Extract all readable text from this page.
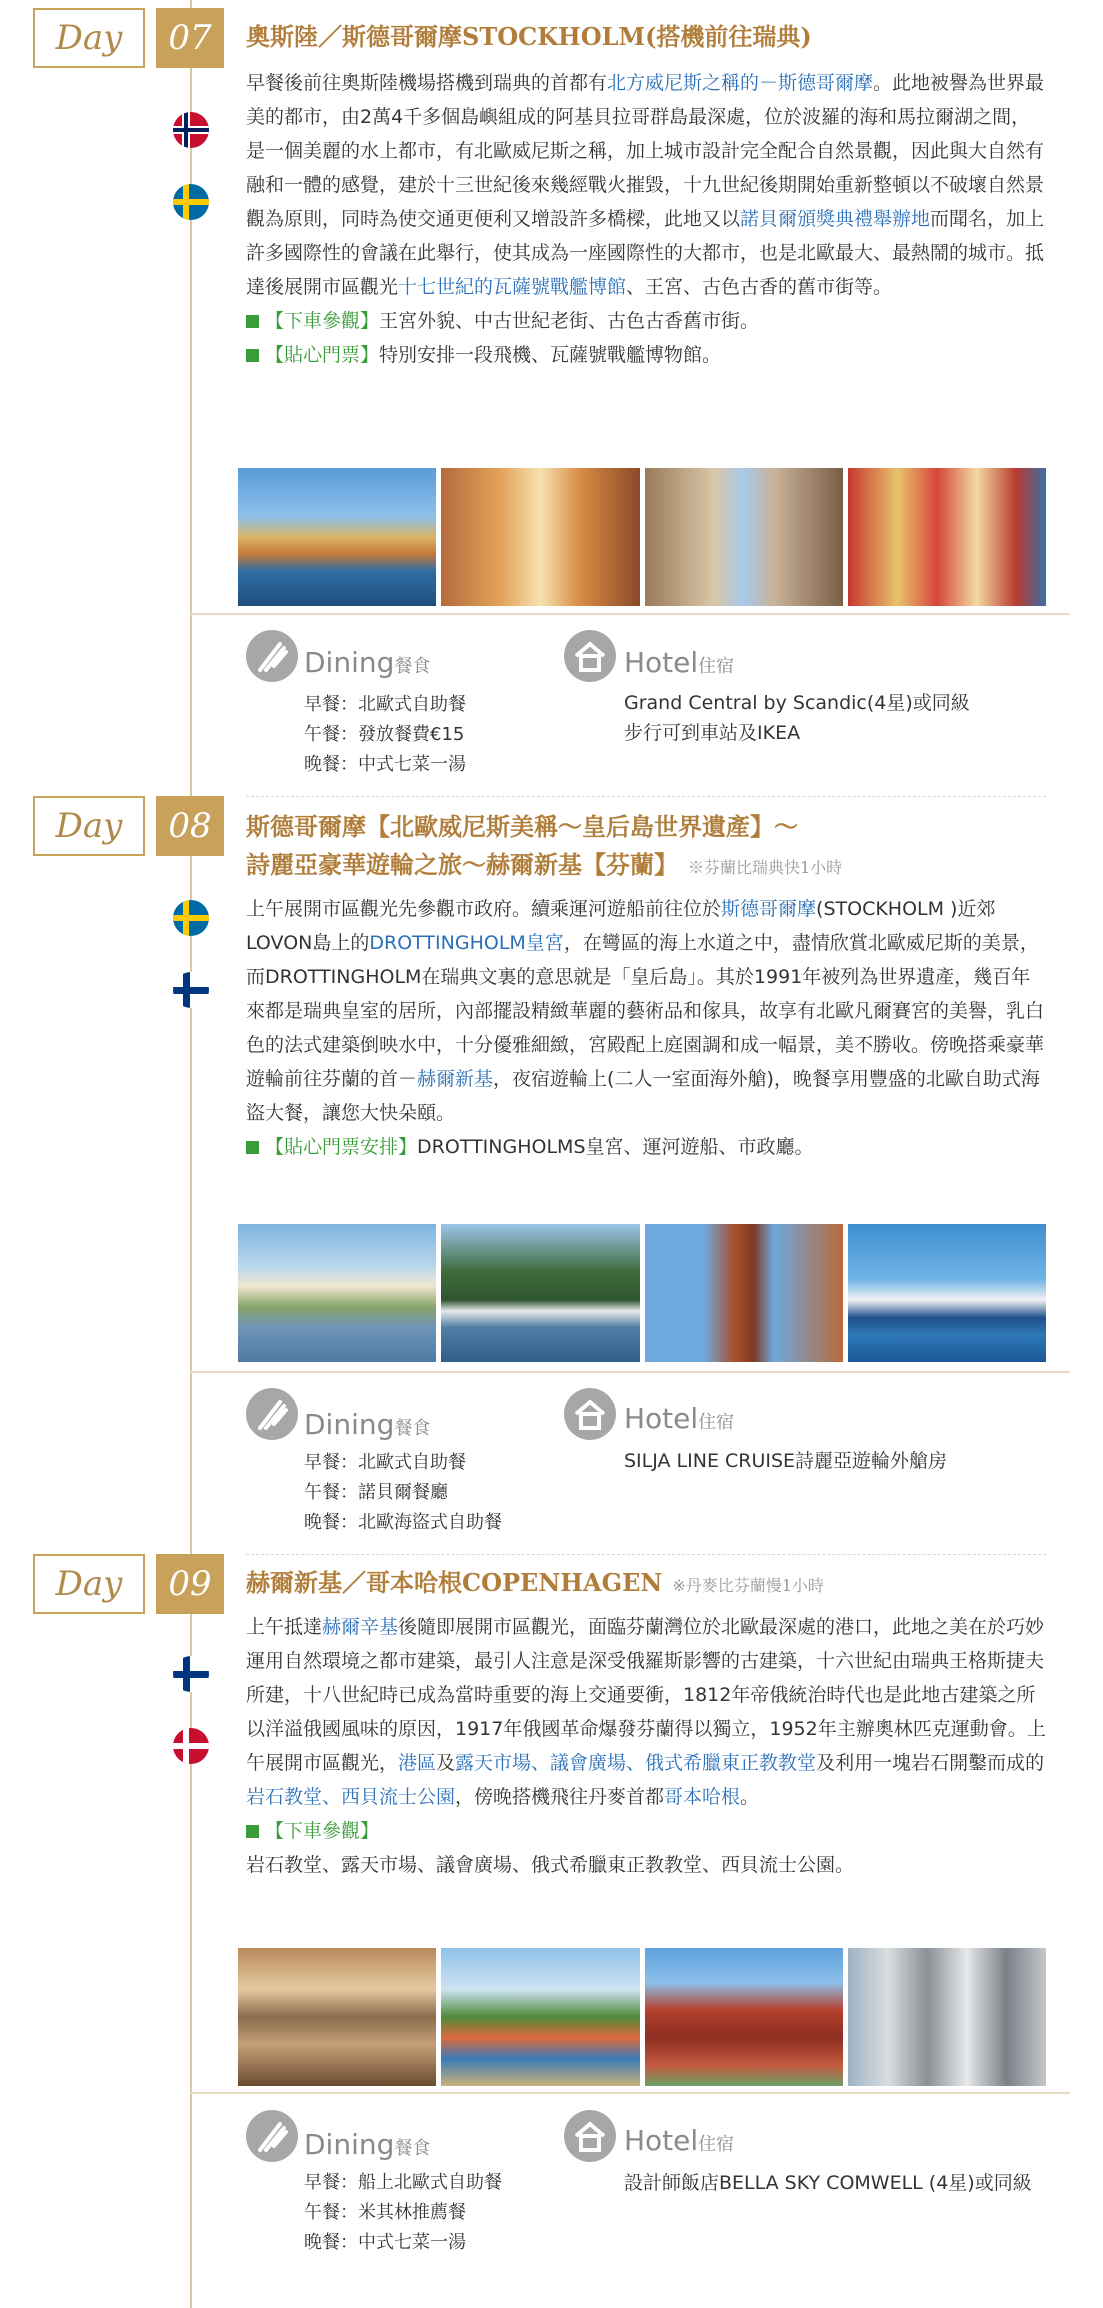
Day	07	奧斯陸／斯德哥爾摩STOCKHOLM(搭機前往瑞典)
早餐後前往奧斯陸機場搭機到瑞典的首都有北方威尼斯之稱的－斯德哥爾摩。此地被譽為世界最美的都市，由2萬4千多個島嶼組成的阿基貝拉哥群島最深處，位於波羅的海和馬拉爾湖之間，是一個美麗的水上都市，有北歐威尼斯之稱，加上城市設計完全配合自然景觀，因此與大自然有融和一體的感覺，建於十三世紀後來幾經戰火摧毀，十九世紀後期開始重新整頓以不破壞自然景觀為原則，同時為使交通更便利又增設許多橋樑，此地又以諾貝爾頒獎典禮舉辦地而聞名，加上許多國際性的會議在此舉行，使其成為一座國際性的大都市，也是北歐最大、最熱鬧的城市。抵達後展開市區觀光十七世紀的瓦薩號戰艦博館、王宮、古色古香的舊市街等。
【下車參觀】王宮外貌、中古世紀老街、古色古香舊市街。
【貼心門票】特別安排一段飛機、瓦薩號戰艦博物館。
Dining餐食
早餐：北歐式自助餐
午餐：發放餐費€15
晚餐：中式七菜一湯
Hotel住宿
Grand Central by Scandic(4星)或同級
步行可到車站及IKEA
Day	08	斯德哥爾摩【北歐威尼斯美稱～皇后島世界遺產】～
詩麗亞豪華遊輪之旅～赫爾新基【芬蘭】 ※芬蘭比瑞典快1小時
上午展開市區觀光先參觀市政府。續乘運河遊船前往位於斯德哥爾摩(STOCKHOLM )近郊LOVON島上的DROTTINGHOLM皇宮，在彎區的海上水道之中，盡情欣賞北歐威尼斯的美景，而DROTTINGHOLM在瑞典文裏的意思就是「皇后島」。其於1991年被列為世界遺產，幾百年來都是瑞典皇室的居所，內部擺設精緻華麗的藝術品和傢具，故享有北歐凡爾賽宮的美譽，乳白色的法式建築倒映水中，十分優雅細緻，宮殿配上庭園調和成一幅景，美不勝收。傍晚搭乘豪華遊輪前往芬蘭的首－赫爾新基，夜宿遊輪上(二人一室面海外艙)，晚餐享用豐盛的北歐自助式海盜大餐，讓您大快朵頤。
【貼心門票安排】DROTTINGHOLMS皇宮、運河遊船、市政廳。
Dining餐食
早餐：北歐式自助餐
午餐：諾貝爾餐廳
晚餐：北歐海盜式自助餐
Hotel住宿
SILJA LINE CRUISE詩麗亞遊輪外艙房
Day	09	赫爾新基／哥本哈根COPENHAGEN ※丹麥比芬蘭慢1小時
上午抵達赫爾辛基後隨即展開市區觀光，面臨芬蘭灣位於北歐最深處的港口，此地之美在於巧妙運用自然環境之都市建築，最引人注意是深受俄羅斯影響的古建築，十六世紀由瑞典王格斯捷夫所建，十八世紀時已成為當時重要的海上交通要衝，1812年帝俄統治時代也是此地古建築之所以洋溢俄國風味的原因，1917年俄國革命爆發芬蘭得以獨立，1952年主辦奧林匹克運動會。上午展開市區觀光，港區及露天市場、議會廣場、俄式希臘東正教教堂及利用一塊岩石開鑿而成的岩石教堂、西貝流士公園，傍晚搭機飛往丹麥首都哥本哈根。
【下車參觀】
岩石教堂、露天市場、議會廣場、俄式希臘東正教教堂、西貝流士公園。
Dining餐食
早餐：船上北歐式自助餐
午餐：米其林推薦餐
晚餐：中式七菜一湯
Hotel住宿
設計師飯店BELLA SKY COMWELL (4星)或同級
